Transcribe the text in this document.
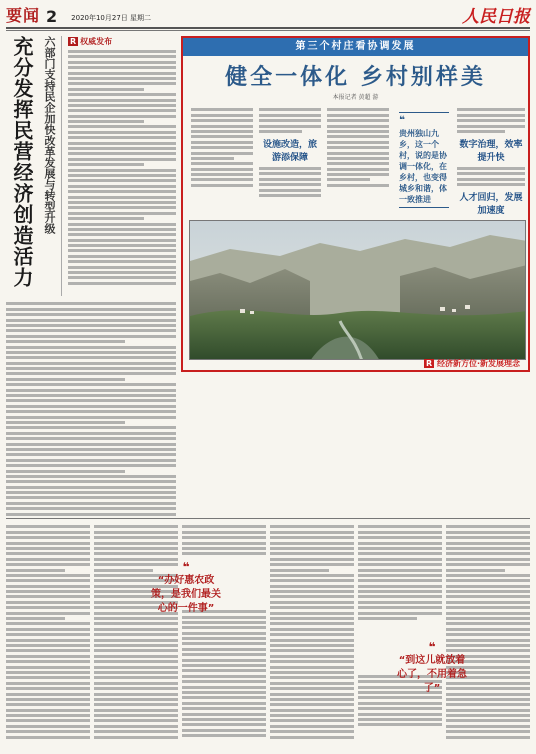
要闻 2 2020年10月27日 星期二	人民日报
充分发挥民营经济创造活力 六部门支持民企加快改革发展与转型升级 R 权威发布	第三个村庄看协调发展
健全一体化 乡村别样美
本报记者 黄超 游
设施改造，旅游添保障
❝
贵州独山九乡，这一个村，说的是协调一体化，在乡村，也变得城乡和谐，体一致推进
数字治理，效率提升快
人才回归，发展加速度
R 经济新方位·新发展理念
❝
“办好惠农政策，是我们最关心的一件事”
❝
“到这儿就放着心了，不用着急了”
